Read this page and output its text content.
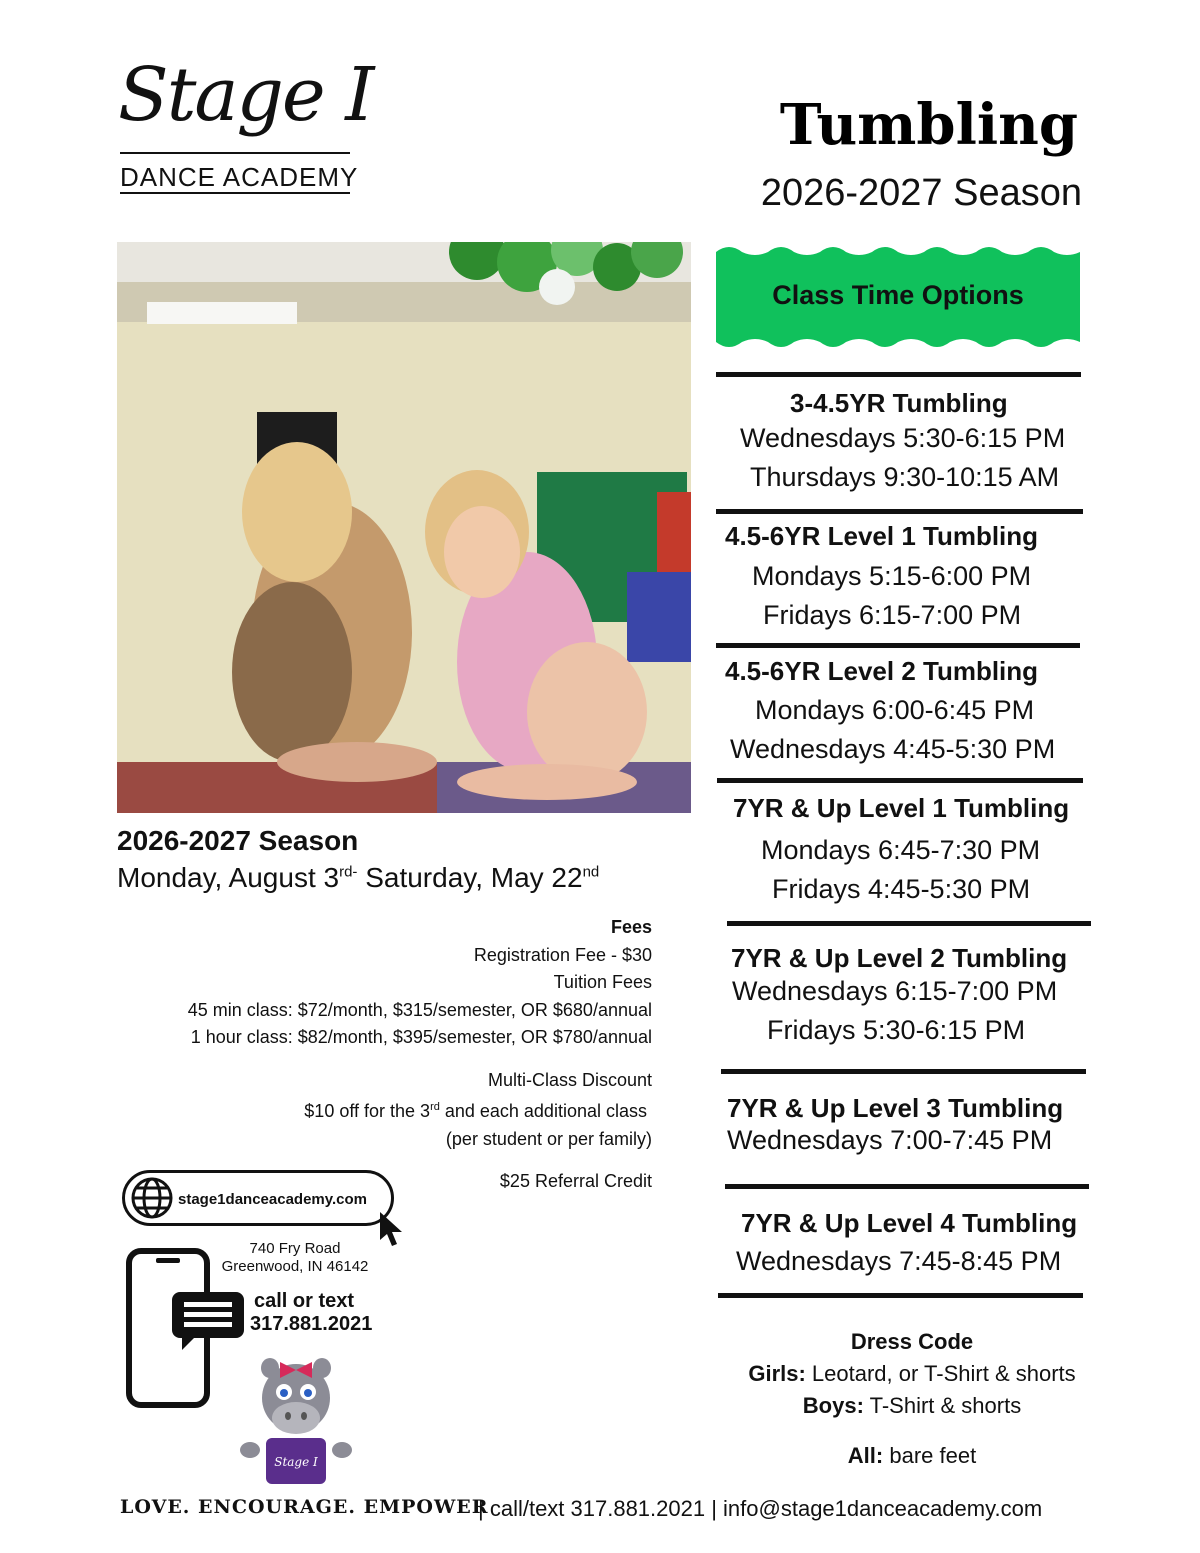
Stage I
DANCE ACADEMY
Tumbling
2026-2027 Season
Class Time Options
3-4.5YR Tumbling
Wednesdays 5:30-6:15 PM
Thursdays 9:30-10:15 AM
4.5-6YR Level 1 Tumbling
Mondays 5:15-6:00 PM
Fridays 6:15-7:00 PM
4.5-6YR Level 2 Tumbling
Mondays 6:00-6:45 PM
Wednesdays 4:45-5:30 PM
7YR & Up Level 1 Tumbling
Mondays 6:45-7:30 PM
Fridays 4:45-5:30 PM
7YR & Up Level 2 Tumbling
Wednesdays 6:15-7:00 PM
Fridays 5:30-6:15 PM
7YR & Up Level 3 Tumbling
Wednesdays 7:00-7:45 PM
7YR & Up Level 4 Tumbling
Wednesdays 7:45-8:45 PM
2026-2027 Season
Monday, August $3^{rd-}$ Saturday, May 22nd
Fees
Registration Fee - $30
Tuition Fees
45 min class: $72/month, $315/semester, OR $680/annual
1 hour class: $82/month, $395/semester, OR $780/annual
Multi-Class Discount
$10 off for the 3rd and each additional class
(per student or per family)
$25 Referral Credit
stage1danceacademy.com
740 Fry Road
Greenwood, IN 46142
call or text
317.881.2021
Stage I
Dress Code
Girls: Leotard, or T-Shirt & shorts
Boys: T-Shirt & shorts
All: bare feet
LOVE. ENCOURAGE. EMPOWER
| call/text 317.881.2021 | info@stage1danceacademy.com
